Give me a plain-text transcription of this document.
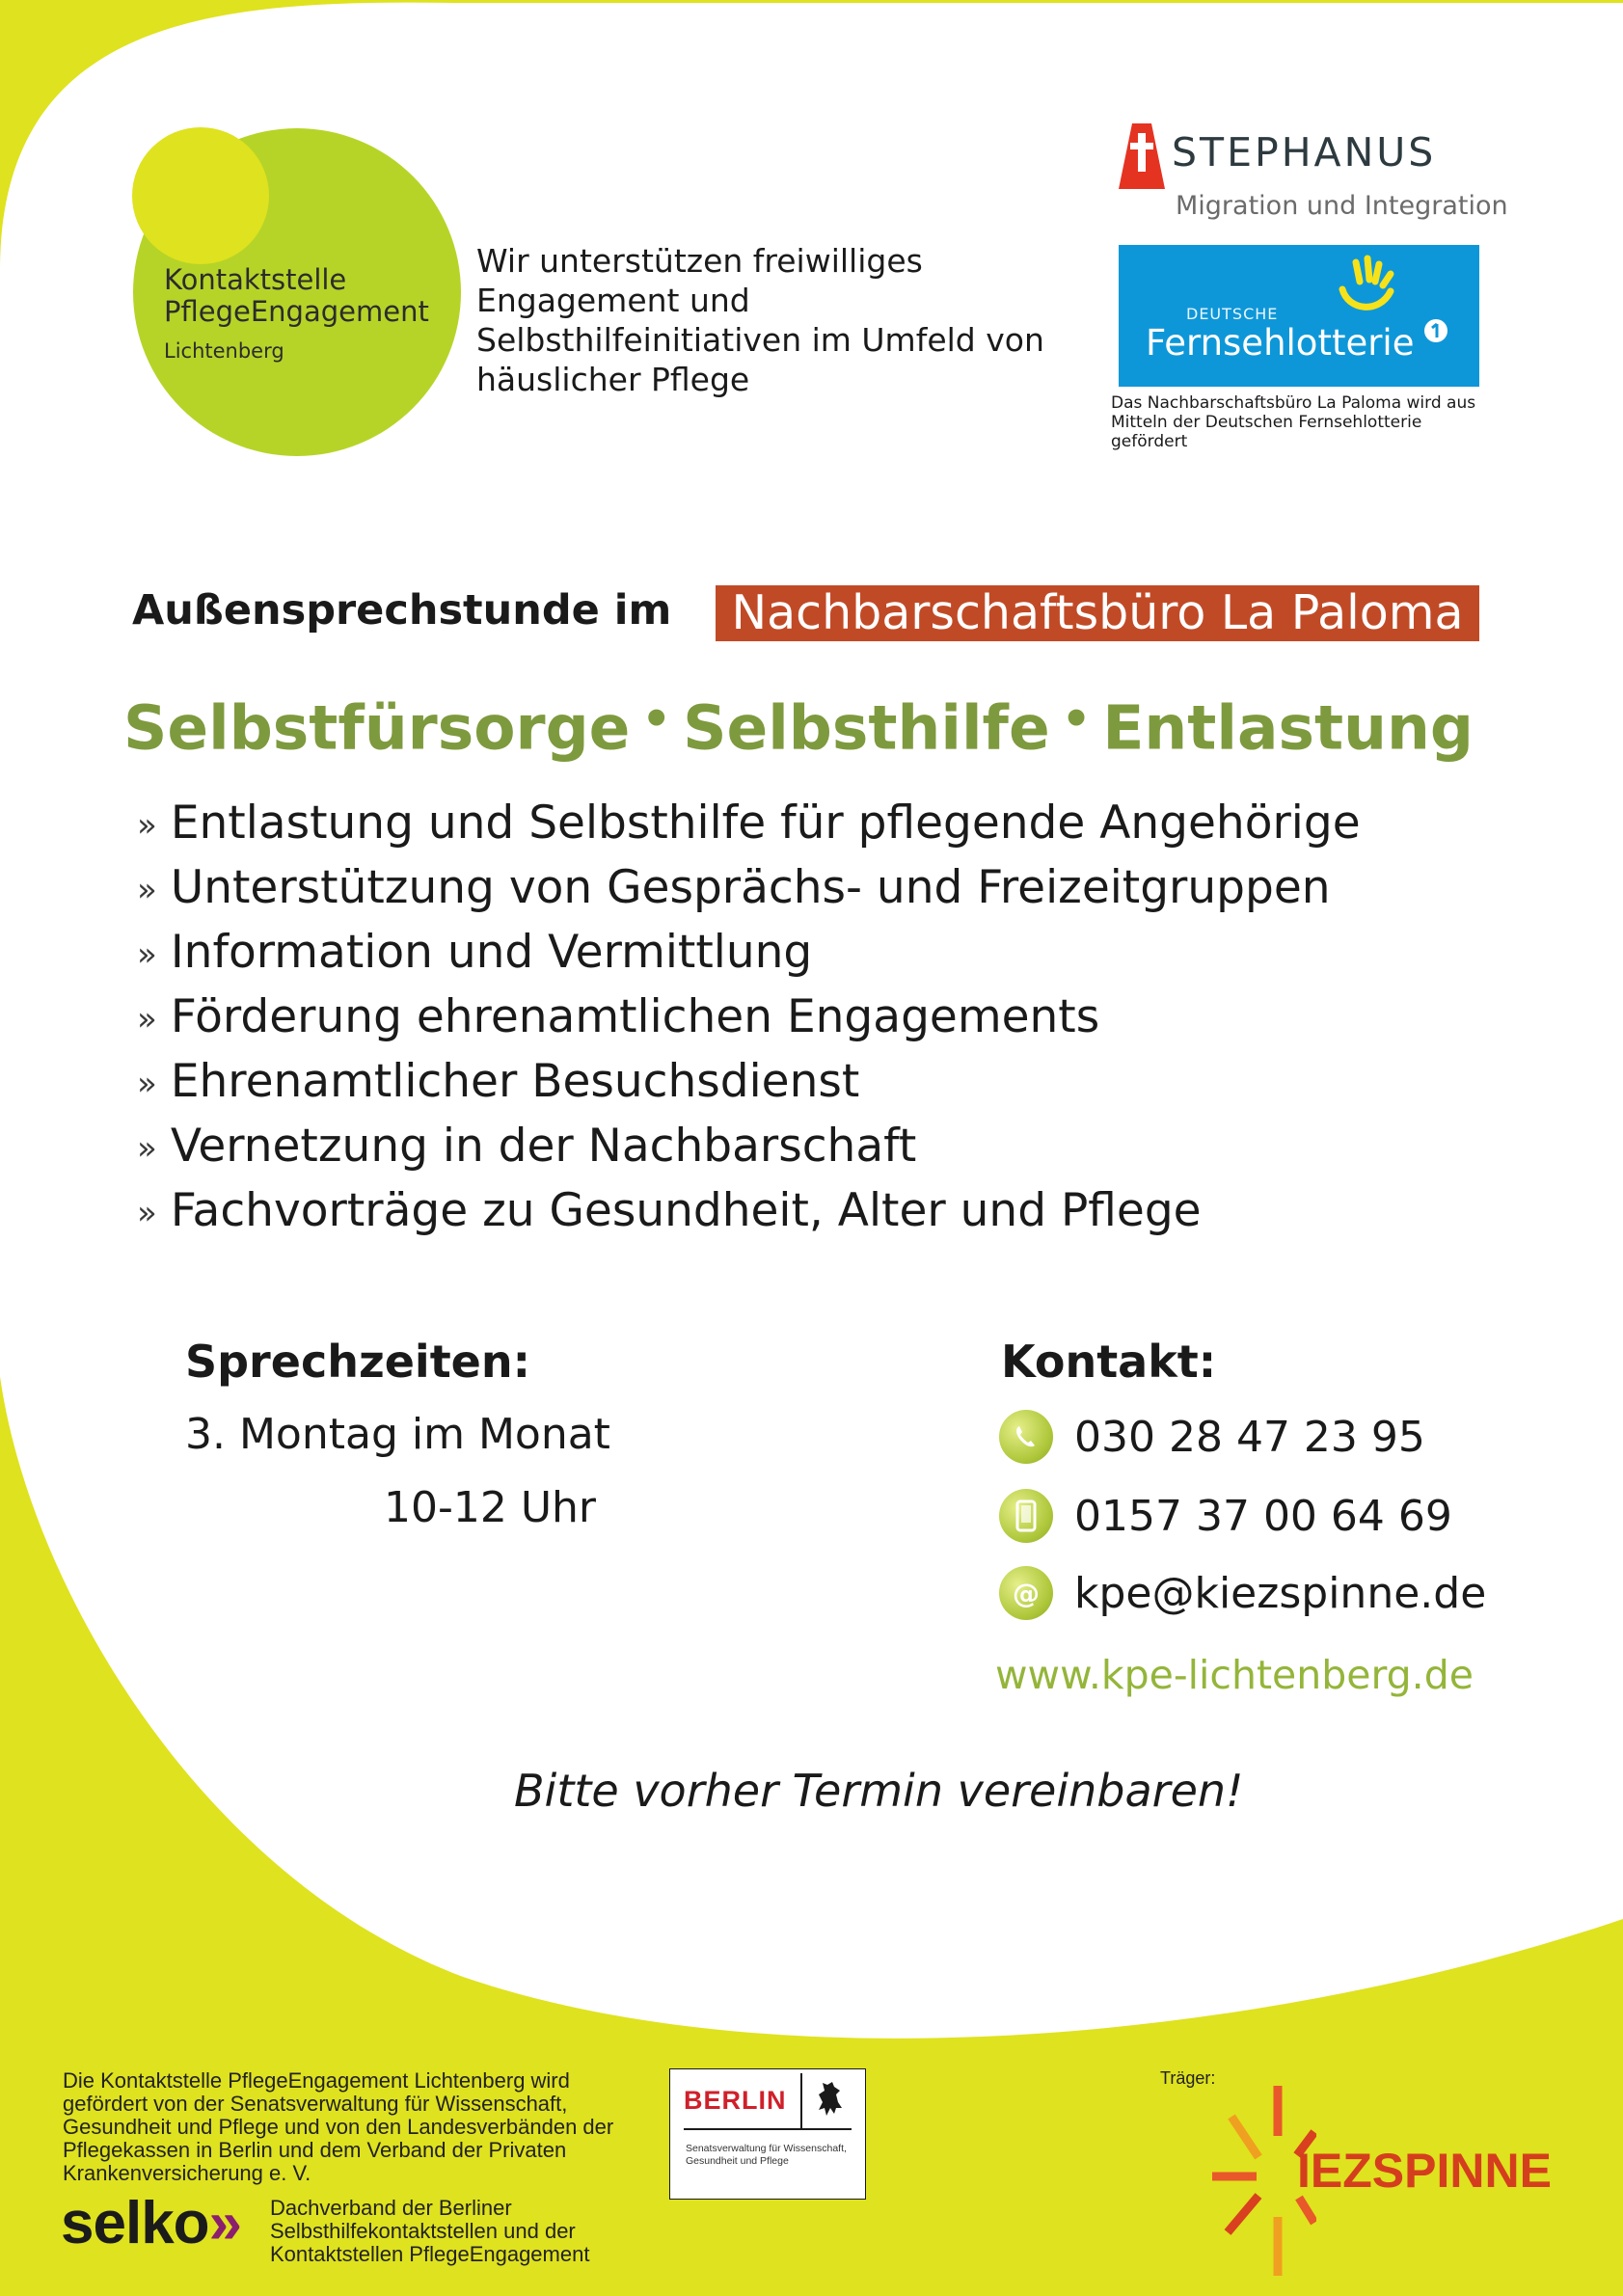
Kontaktstelle PflegeEngagement
Lichtenberg
Wir unterstützen freiwilliges Engagement und Selbsthilfeinitiativen im Umfeld von häuslicher Pflege
STEPHANUS
Migration und Integration
DEUTSCHE
Fernsehlotterie
Das Nachbarschaftsbüro La Paloma wird aus Mitteln der Deutschen Fernsehlotterie gefördert
Außensprechstunde im	Nachbarschaftsbüro La Paloma
Selbstfürsorge • Selbsthilfe • Entlastung
» Entlastung und Selbsthilfe für pflegende Angehörige
» Unterstützung von Gesprächs- und Freizeitgruppen
» Information und Vermittlung
» Förderung ehrenamtlichen Engagements
» Ehrenamtlicher Besuchsdienst
» Vernetzung in der Nachbarschaft
» Fachvorträge zu Gesundheit, Alter und Pflege
Sprechzeiten:
3. Montag im Monat
10-12 Uhr
Kontakt:
030 28 47 23 95
0157 37 00 64 69
@ kpe@kiezspinne.de
www.kpe-lichtenberg.de
Bitte vorher Termin vereinbaren!
Die Kontaktstelle PflegeEngagement Lichtenberg wird gefördert von der Senatsverwaltung für Wissenschaft, Gesundheit und Pflege und von den Landesverbänden der Pflegekassen in Berlin und dem Verband der Privaten Krankenversicherung e. V.
selko» Dachverband der Berliner Selbsthilfekontaktstellen und der Kontaktstellen PflegeEngagement
BERLIN
Senatsverwaltung für Wissenschaft, Gesundheit und Pflege
Träger:
IEZSPINNE
